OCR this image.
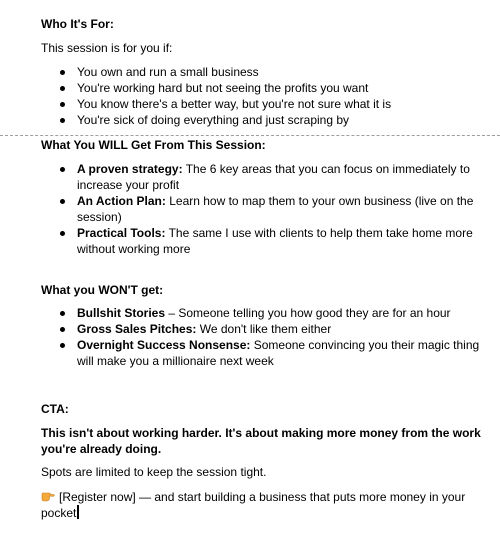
Who It's For:
This session is for you if:
You own and run a small business
You're working hard but not seeing the profits you want
You know there's a better way, but you're not sure what it is
You're sick of doing everything and just scraping by
What You WILL Get From This Session:
A proven strategy: The 6 key areas that you can focus on immediately to increase your profit
An Action Plan: Learn how to map them to your own business (live on the session)
Practical Tools: The same I use with clients to help them take home more without working more
What you WON'T get:
Bullshit Stories – Someone telling you how good they are for an hour
Gross Sales Pitches: We don't like them either
Overnight Success Nonsense: Someone convincing you their magic thing will make you a millionaire next week
CTA:
This isn't about working harder. It's about making more money from the work you're already doing.
Spots are limited to keep the session tight.
[Register now] — and start building a business that puts more money in your pocket
